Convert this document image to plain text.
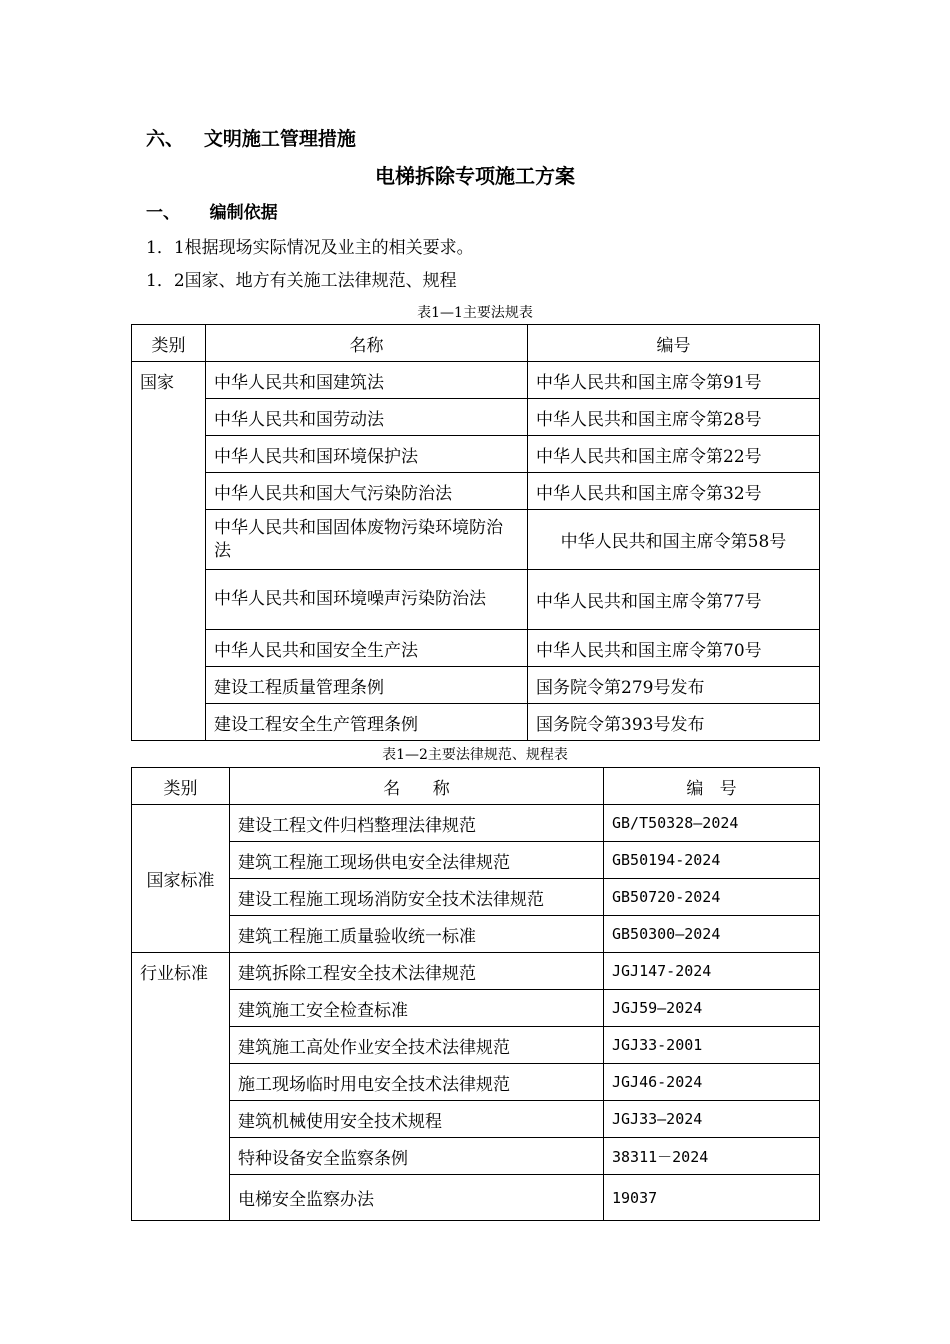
六、   文明施工管理措施
电梯拆除专项施工方案
一、     编制依据
1．1根据现场实际情况及业主的相关要求。
1．2国家、地方有关施工法律规范、规程
表1—1主要法规表
类别	名称	编号
国家	中华人民共和国建筑法	中华人民共和国主席令第91号
	中华人民共和国劳动法	中华人民共和国主席令第28号
	中华人民共和国环境保护法	中华人民共和国主席令第22号
	中华人民共和国大气污染防治法	中华人民共和国主席令第32号
	中华人民共和国固体废物污染环境防治法	中华人民共和国主席令第58号
	中华人民共和国环境噪声污染防治法	中华人民共和国主席令第77号
	中华人民共和国安全生产法	中华人民共和国主席令第70号
	建设工程质量管理条例	国务院令第279号发布
	建设工程安全生产管理条例	国务院令第393号发布
表1—2主要法律规范、规程表
类别	名      称	编   号
国家标准	建设工程文件归档整理法律规范	GB/T50328—2024
	建筑工程施工现场供电安全法律规范	GB50194-2024
	建设工程施工现场消防安全技术法律规范	GB50720-2024
	建筑工程施工质量验收统一标准	GB50300—2024
行业标准	建筑拆除工程安全技术法律规范	JGJ147-2024
	建筑施工安全检查标准	JGJ59—2024
	建筑施工高处作业安全技术法律规范	JGJ33-2001
	施工现场临时用电安全技术法律规范	JGJ46-2024
	建筑机械使用安全技术规程	JGJ33—2024
	特种设备安全监察条例	38311－2024
	电梯安全监察办法	19037
